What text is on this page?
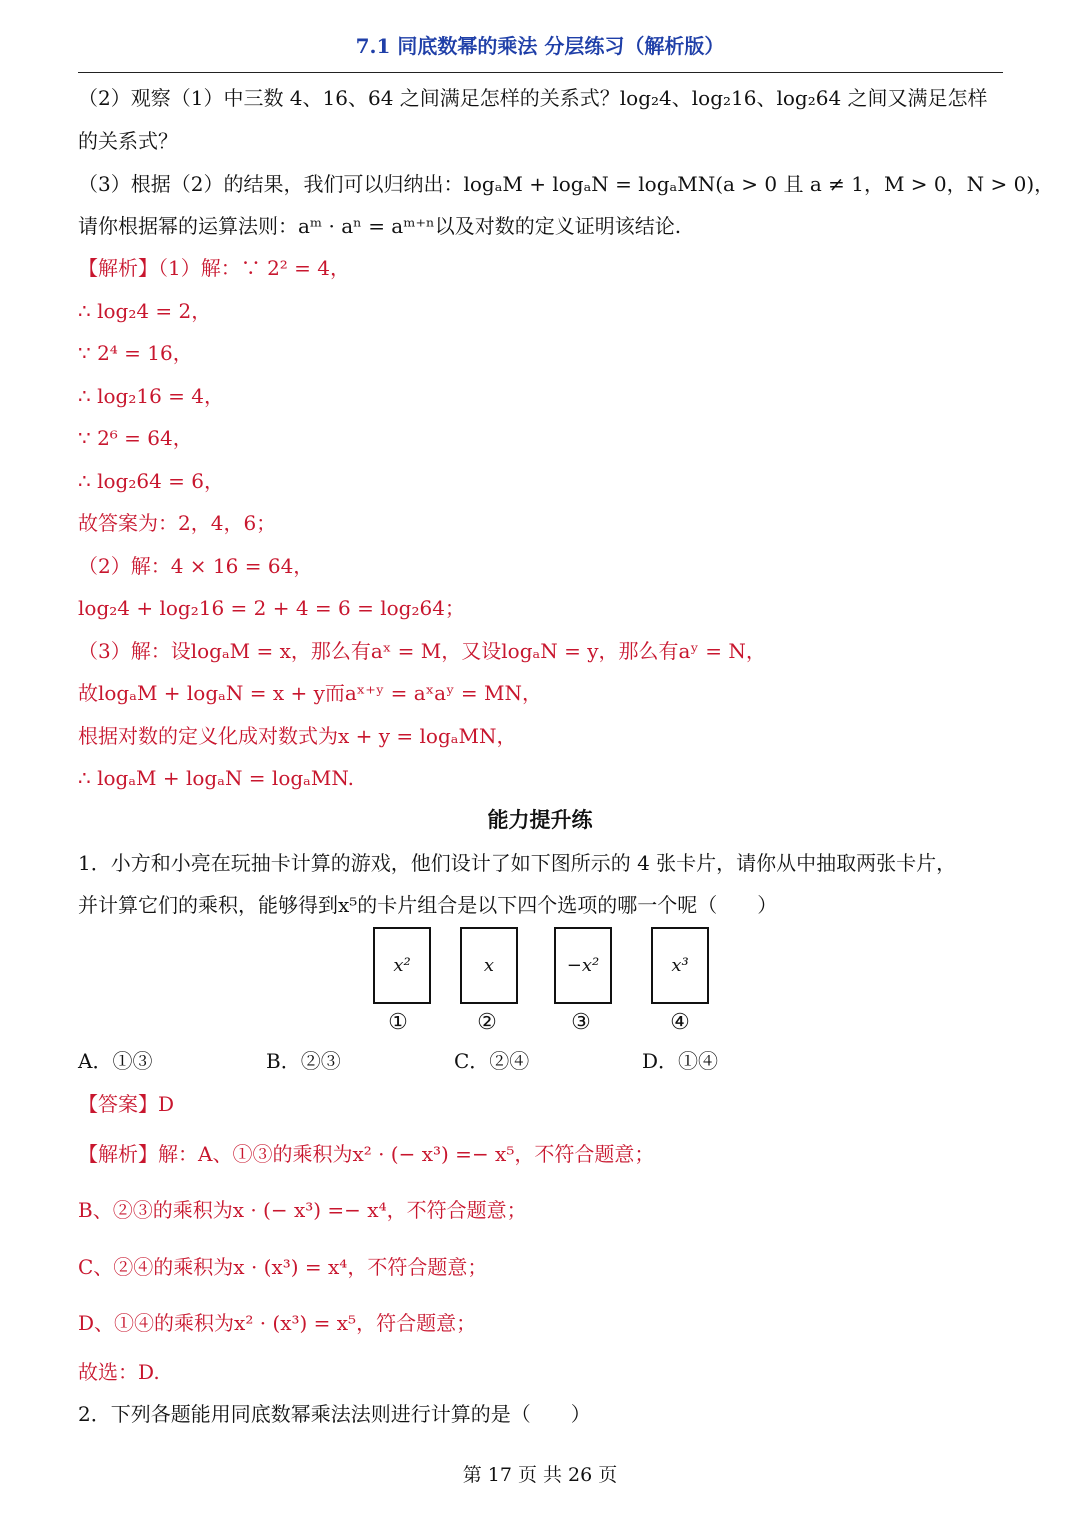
7.1 同底数幂的乘法 分层练习（解析版）
（2）观察（1）中三数 4、16、64 之间满足怎样的关系式？log₂4、log₂16、log₂64 之间又满足怎样
的关系式？
（3）根据（2）的结果，我们可以归纳出：logₐM + logₐN = logₐMN(a > 0 且 a ≠ 1，M > 0，N > 0)，
请你根据幂的运算法则：aᵐ · aⁿ = aᵐ⁺ⁿ以及对数的定义证明该结论.
【解析】（1）解：∵ 2² = 4，
∴ log₂4 = 2，
∵ 2⁴ = 16，
∴ log₂16 = 4，
∵ 2⁶ = 64，
∴ log₂64 = 6，
故答案为：2，4，6；
（2）解：4 × 16 = 64，
log₂4 + log₂16 = 2 + 4 = 6 = log₂64；
（3）解：设logₐM = x，那么有aˣ = M，又设logₐN = y，那么有aʸ = N，
故logₐM + logₐN = x + y而aˣ⁺ʸ = aˣaʸ = MN，
根据对数的定义化成对数式为x + y = logₐMN，
∴ logₐM + logₐN = logₐMN.
能力提升练
1．小方和小亮在玩抽卡计算的游戏，他们设计了如下图所示的 4 张卡片，请你从中抽取两张卡片，
并计算它们的乘积，能够得到x⁵的卡片组合是以下四个选项的哪一个呢（　　）
x²	x	−x²	x³
①	②	③	④
A．①③	B．②③	C．②④	D．①④
【答案】D
【解析】解：A、①③的乘积为x² · (− x³) =− x⁵，不符合题意；
B、②③的乘积为x · (− x³) =− x⁴，不符合题意；
C、②④的乘积为x · (x³) = x⁴，不符合题意；
D、①④的乘积为x² · (x³) = x⁵，符合题意；
故选：D.
2．下列各题能用同底数幂乘法法则进行计算的是（　　）
第 17 页 共 26 页
